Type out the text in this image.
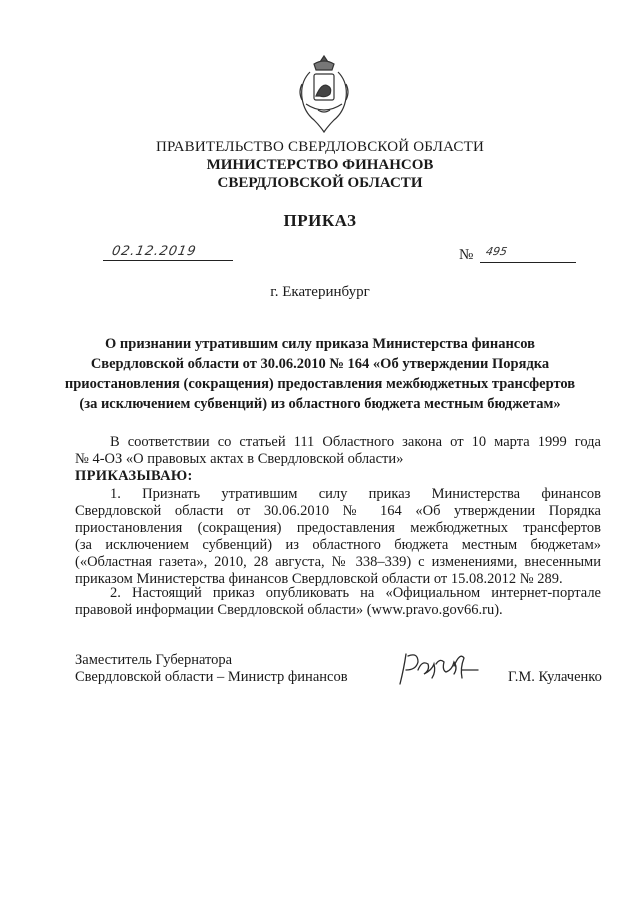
ПРАВИТЕЛЬСТВО СВЕРДЛОВСКОЙ ОБЛАСТИ
МИНИСТЕРСТВО ФИНАНСОВ
СВЕРДЛОВСКОЙ ОБЛАСТИ
ПРИКАЗ
02.12.2019	№ 495
г. Екатеринбург
О признании утратившим силу приказа Министерства финансов
Свердловской области от 30.06.2010 № 164 «Об утверждении Порядка
приостановления (сокращения) предоставления межбюджетных трансфертов
(за исключением субвенций) из областного бюджета местным бюджетам»
В соответствии со статьей 111 Областного закона от 10 марта 1999 года
№ 4-ОЗ «О правовых актах в Свердловской области»
ПРИКАЗЫВАЮ:
1. Признать утратившим силу приказ Министерства финансов
Свердловской области от 30.06.2010 № 164 «Об утверждении Порядка
приостановления (сокращения) предоставления межбюджетных трансфертов
(за исключением субвенций) из областного бюджета местным бюджетам»
(«Областная газета», 2010, 28 августа, № 338–339) с изменениями, внесенными
приказом Министерства финансов Свердловской области от 15.08.2012 № 289.
2. Настоящий приказ опубликовать на «Официальном интернет-портале
правовой информации Свердловской области» (www.pravo.gov66.ru).
Заместитель Губернатора
Свердловской области – Министр финансов	Г.М. Кулаченко
